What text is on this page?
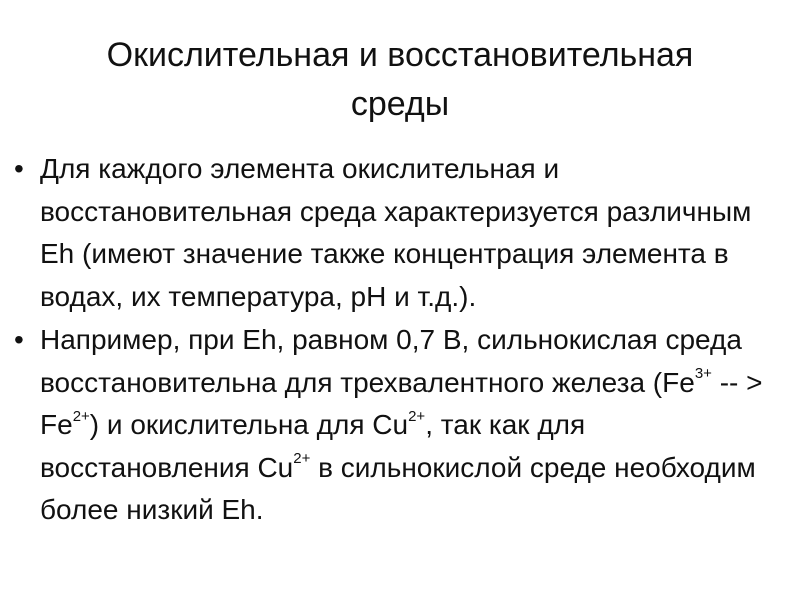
Окислительная и восстановительная
среды
• Для каждого элемента окислительная и восстановительная среда характеризуется различным Eh (имеют значение также концентрация элемента в водах, их температура, pH и т.д.).
• Например, при Eh, равном 0,7 В, сильнокислая среда восстановительна для трехвалентного железа ($Fe^{3+}$ -- > $Fe^{2+}$) и окислительна для $Cu^{2+}$, так как для восстановления $Cu^{2+}$ в сильнокислой среде необходим более низкий Eh.
